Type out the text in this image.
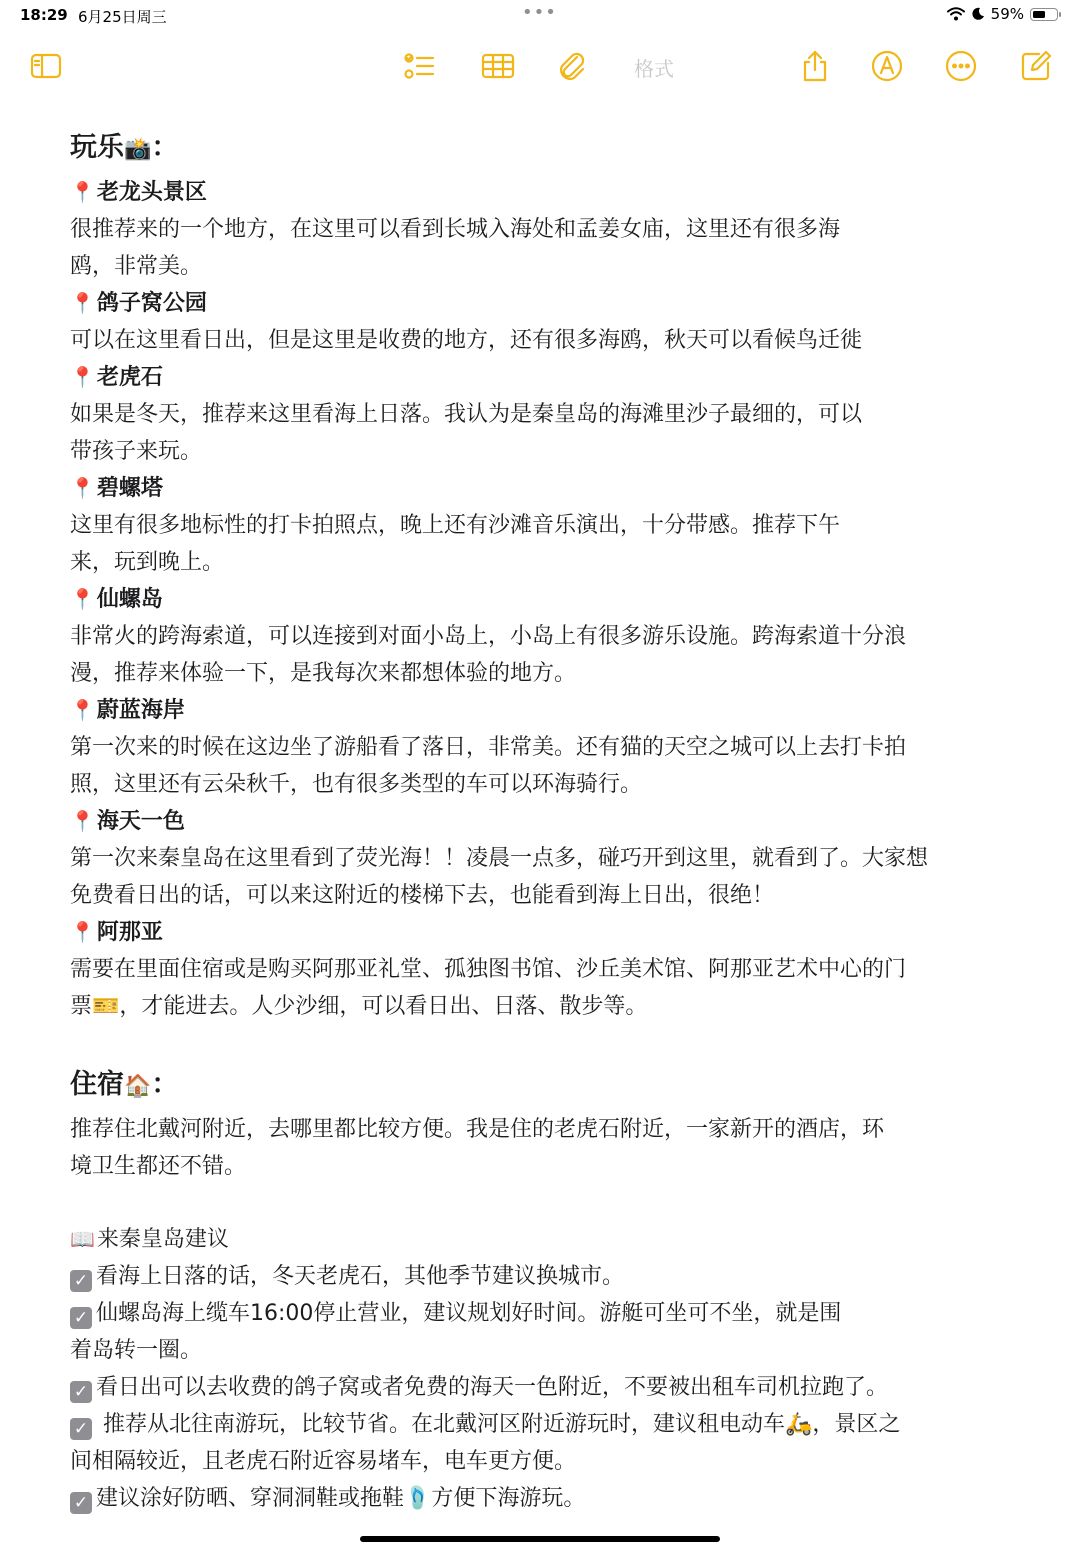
18:29 6月25日周三	•••	59%
格式
玩乐📸：
📍老龙头景区

很推荐来的一个地方，在这里可以看到长城入海处和孟姜女庙，这里还有很多海

鸥，非常美。

📍鸽子窝公园

可以在这里看日出，但是这里是收费的地方，还有很多海鸥，秋天可以看候鸟迁徙

📍老虎石

如果是冬天，推荐来这里看海上日落。我认为是秦皇岛的海滩里沙子最细的，可以

带孩子来玩。

📍碧螺塔

这里有很多地标性的打卡拍照点，晚上还有沙滩音乐演出，十分带感。推荐下午

来，玩到晚上。

📍仙螺岛

非常火的跨海索道，可以连接到对面小岛上，小岛上有很多游乐设施。跨海索道十分浪

漫，推荐来体验一下，是我每次来都想体验的地方。

📍蔚蓝海岸

第一次来的时候在这边坐了游船看了落日，非常美。还有猫的天空之城可以上去打卡拍

照，这里还有云朵秋千，也有很多类型的车可以环海骑行。

📍海天一色

第一次来秦皇岛在这里看到了荧光海！！凌晨一点多，碰巧开到这里，就看到了。大家想

免费看日出的话，可以来这附近的楼梯下去，也能看到海上日出，很绝！

📍阿那亚

需要在里面住宿或是购买阿那亚礼堂、孤独图书馆、沙丘美术馆、阿那亚艺术中心的门

票🎫，才能进去。人少沙细，可以看日出、日落、散步等。

住宿🏠：

推荐住北戴河附近，去哪里都比较方便。我是住的老虎石附近，一家新开的酒店，环

境卫生都还不错。

📖来秦皇岛建议

✓ 看海上日落的话，冬天老虎石，其他季节建议换城市。

✓ 仙螺岛海上缆车16:00停止营业，建议规划好时间。游艇可坐可不坐，就是围

着岛转一圈。

✓ 看日出可以去收费的鸽子窝或者免费的海天一色附近，不要被出租车司机拉跑了。

✓ 推荐从北往南游玩，比较节省。在北戴河区附近游玩时，建议租电动车🛵，景区之

间相隔较近，且老虎石附近容易堵车，电车更方便。

✓ 建议涂好防晒、穿洞洞鞋或拖鞋🩴方便下海游玩。
